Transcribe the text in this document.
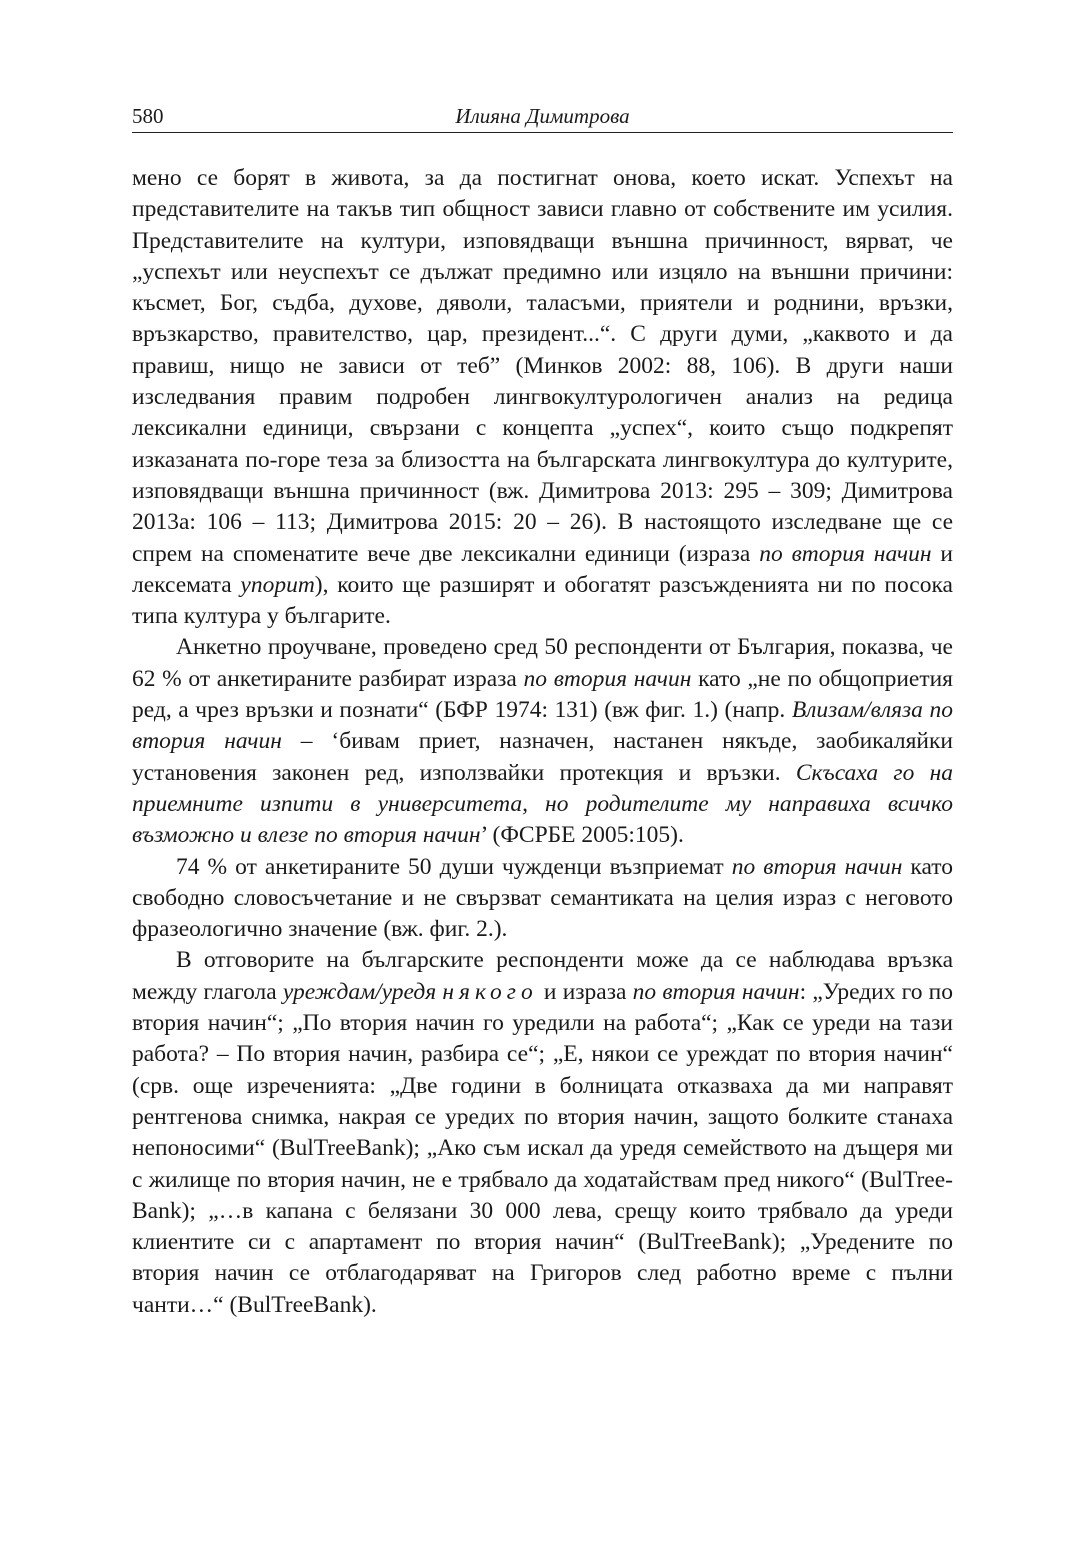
580	Илияна Димитрова

мено се борят в живота, за да постигнат онова, което искат. Успехът на представителите на такъв тип общност зависи главно от собствените им усилия. Представителите на култури, изповядващи външна причинност, вярват, че „успехът или неуспехът се дължат предимно или изцяло на външни причини: късмет, Бог, съдба, духове, дяволи, таласъми, приятели и роднини, връзки, връзкарство, правителство, цар, президент...“. С други думи, „каквото и да правиш, нищо не зависи от теб” (Минков 2002: 88, 106). В други наши изследвания правим подробен лингвокултурологичен анализ на редица лексикални единици, свързани с концепта „успех“, които също подкрепят изказаната по-горе теза за близостта на българската лингвокултура до културите, изповядващи външна причинност (вж. Димитрова 2013: 295 – 309; Димитрова 2013а: 106 – 113; Димитрова 2015: 20 – 26). В настоящото изследване ще се спрем на споменатите вече две лексикални единици (израза по втория начин и лексемата упорит), които ще разширят и обогатят разсъжденията ни по посока типа култура у българите.

Анкетно проучване, проведено сред 50 респонденти от България, показва, че 62 % от анкетираните разбират израза по втория начин като „не по общоприетия ред, а чрез връзки и познати“ (БФР 1974: 131) (вж фиг. 1.) (напр. Влизам/вляза по втория начин – ‘бивам приет, назначен, настанен някъде, заобикаляйки установения законен ред, използвайки протекция и връзки. Скъсаха го на приемните изпити в университета, но родителите му направиха всичко възможно и влезе по втория начин’ (ФСРБЕ 2005:105).

74 % от анкетираните 50 души чужденци възприемат по втория начин като свободно словосъчетание и не свързват семантиката на целия израз с неговото фразеологично значение (вж. фиг. 2.).

В отговорите на българските респонденти може да се наблюдава връзка между глагола уреждам/уредя някого и израза по втория начин: „Уредих го по втория начин“; „По втория начин го уредили на работа“; „Как се уреди на тази работа? – По втория начин, разбира се“; „Е, някои се уреждат по втория начин“ (срв. още изреченията: „Две години в болницата отказваха да ми направят рентгенова снимка, накрая се уредих по втория начин, защото болките станаха непоносими“ (BulTreeBank); „Ако съм искал да уредя семейството на дъщеря ми с жилище по втория начин, не е трябвало да ходатайствам пред никого“ (BulTreeBank); „…в капана с белязани 30 000 лева, срещу които трябвало да уреди клиентите си с апартамент по втория начин“ (BulTreeBank); „Уредените по втория начин се отблагодаряват на Григоров след работно време с пълни чанти…“ (BulTreeBank).
